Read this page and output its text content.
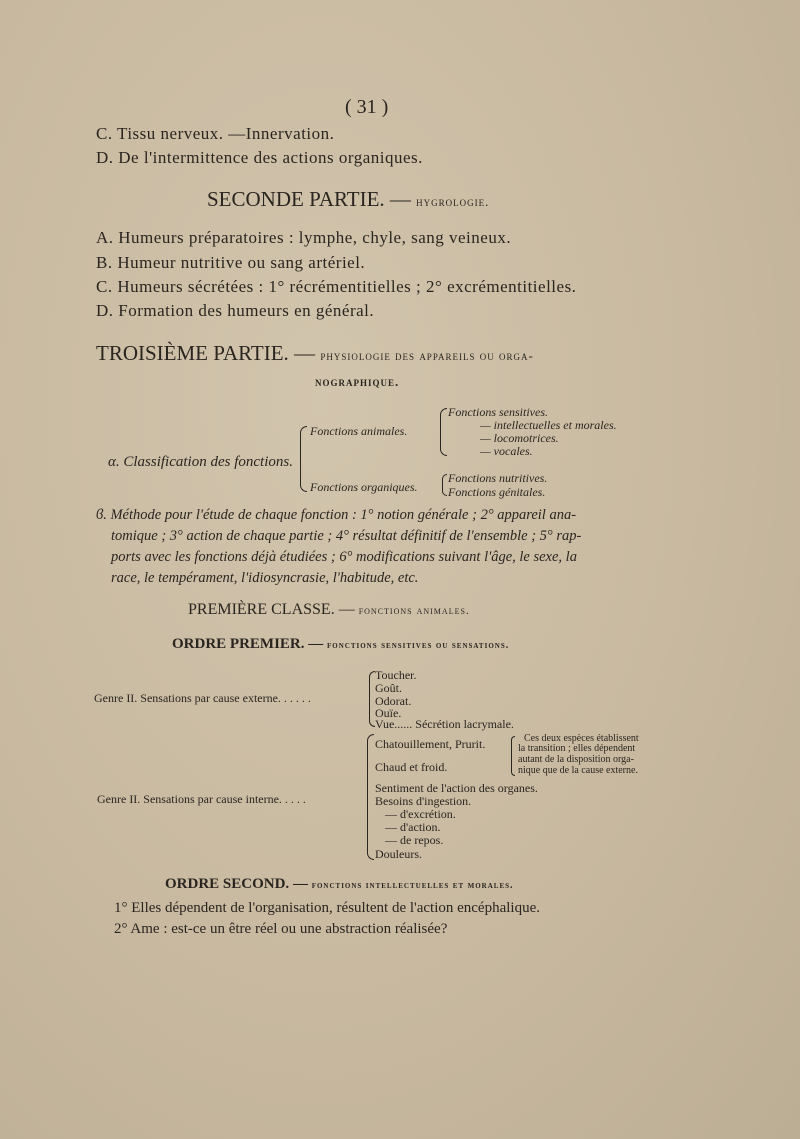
( 31 )
C. Tissu nerveux. —Innervation.
D. De l'intermittence des actions organiques.
SECONDE PARTIE. — hygrologie.
A. Humeurs préparatoires : lymphe, chyle, sang veineux.
B. Humeur nutritive ou sang artériel.
C. Humeurs sécrétées : 1° récrémentitielles ; 2° excrémentitielles.
D. Formation des humeurs en général.
TROISIÈME PARTIE. — physiologie des appareils ou orga-
nographique.
α. Classification des fonctions.
Fonctions animales.
Fonctions sensitives.
— intellectuelles et morales.
— locomotrices.
— vocales.
Fonctions organiques.
Fonctions nutritives.
Fonctions génitales.
ϐ. Méthode pour l'étude de chaque fonction : 1° notion générale ; 2° appareil ana-
tomique ; 3° action de chaque partie ; 4° résultat définitif de l'ensemble ; 5° rap-
ports avec les fonctions déjà étudiées ; 6° modifications suivant l'âge, le sexe, la
race, le tempérament, l'idiosyncrasie, l'habitude, etc.
PREMIÈRE CLASSE. — fonctions animales.
ORDRE PREMIER. — fonctions sensitives ou sensations.
Genre II. Sensations par cause externe. . . . . .
Toucher.
Goût.
Odorat.
Ouïe.
Vue...... Sécrétion lacrymale.
Genre II. Sensations par cause interne. . . . .
Chatouillement, Prurit.
Chaud et froid.
Ces deux espèces établissent
la transition ; elles dépendent
autant de la disposition orga-
nique que de la cause externe.
Sentiment de l'action des organes.
Besoins d'ingestion.
— d'excrétion.
— d'action.
— de repos.
Douleurs.
ORDRE SECOND. — fonctions intellectuelles et morales.
1° Elles dépendent de l'organisation, résultent de l'action encéphalique.
2° Ame : est-ce un être réel ou une abstraction réalisée?
